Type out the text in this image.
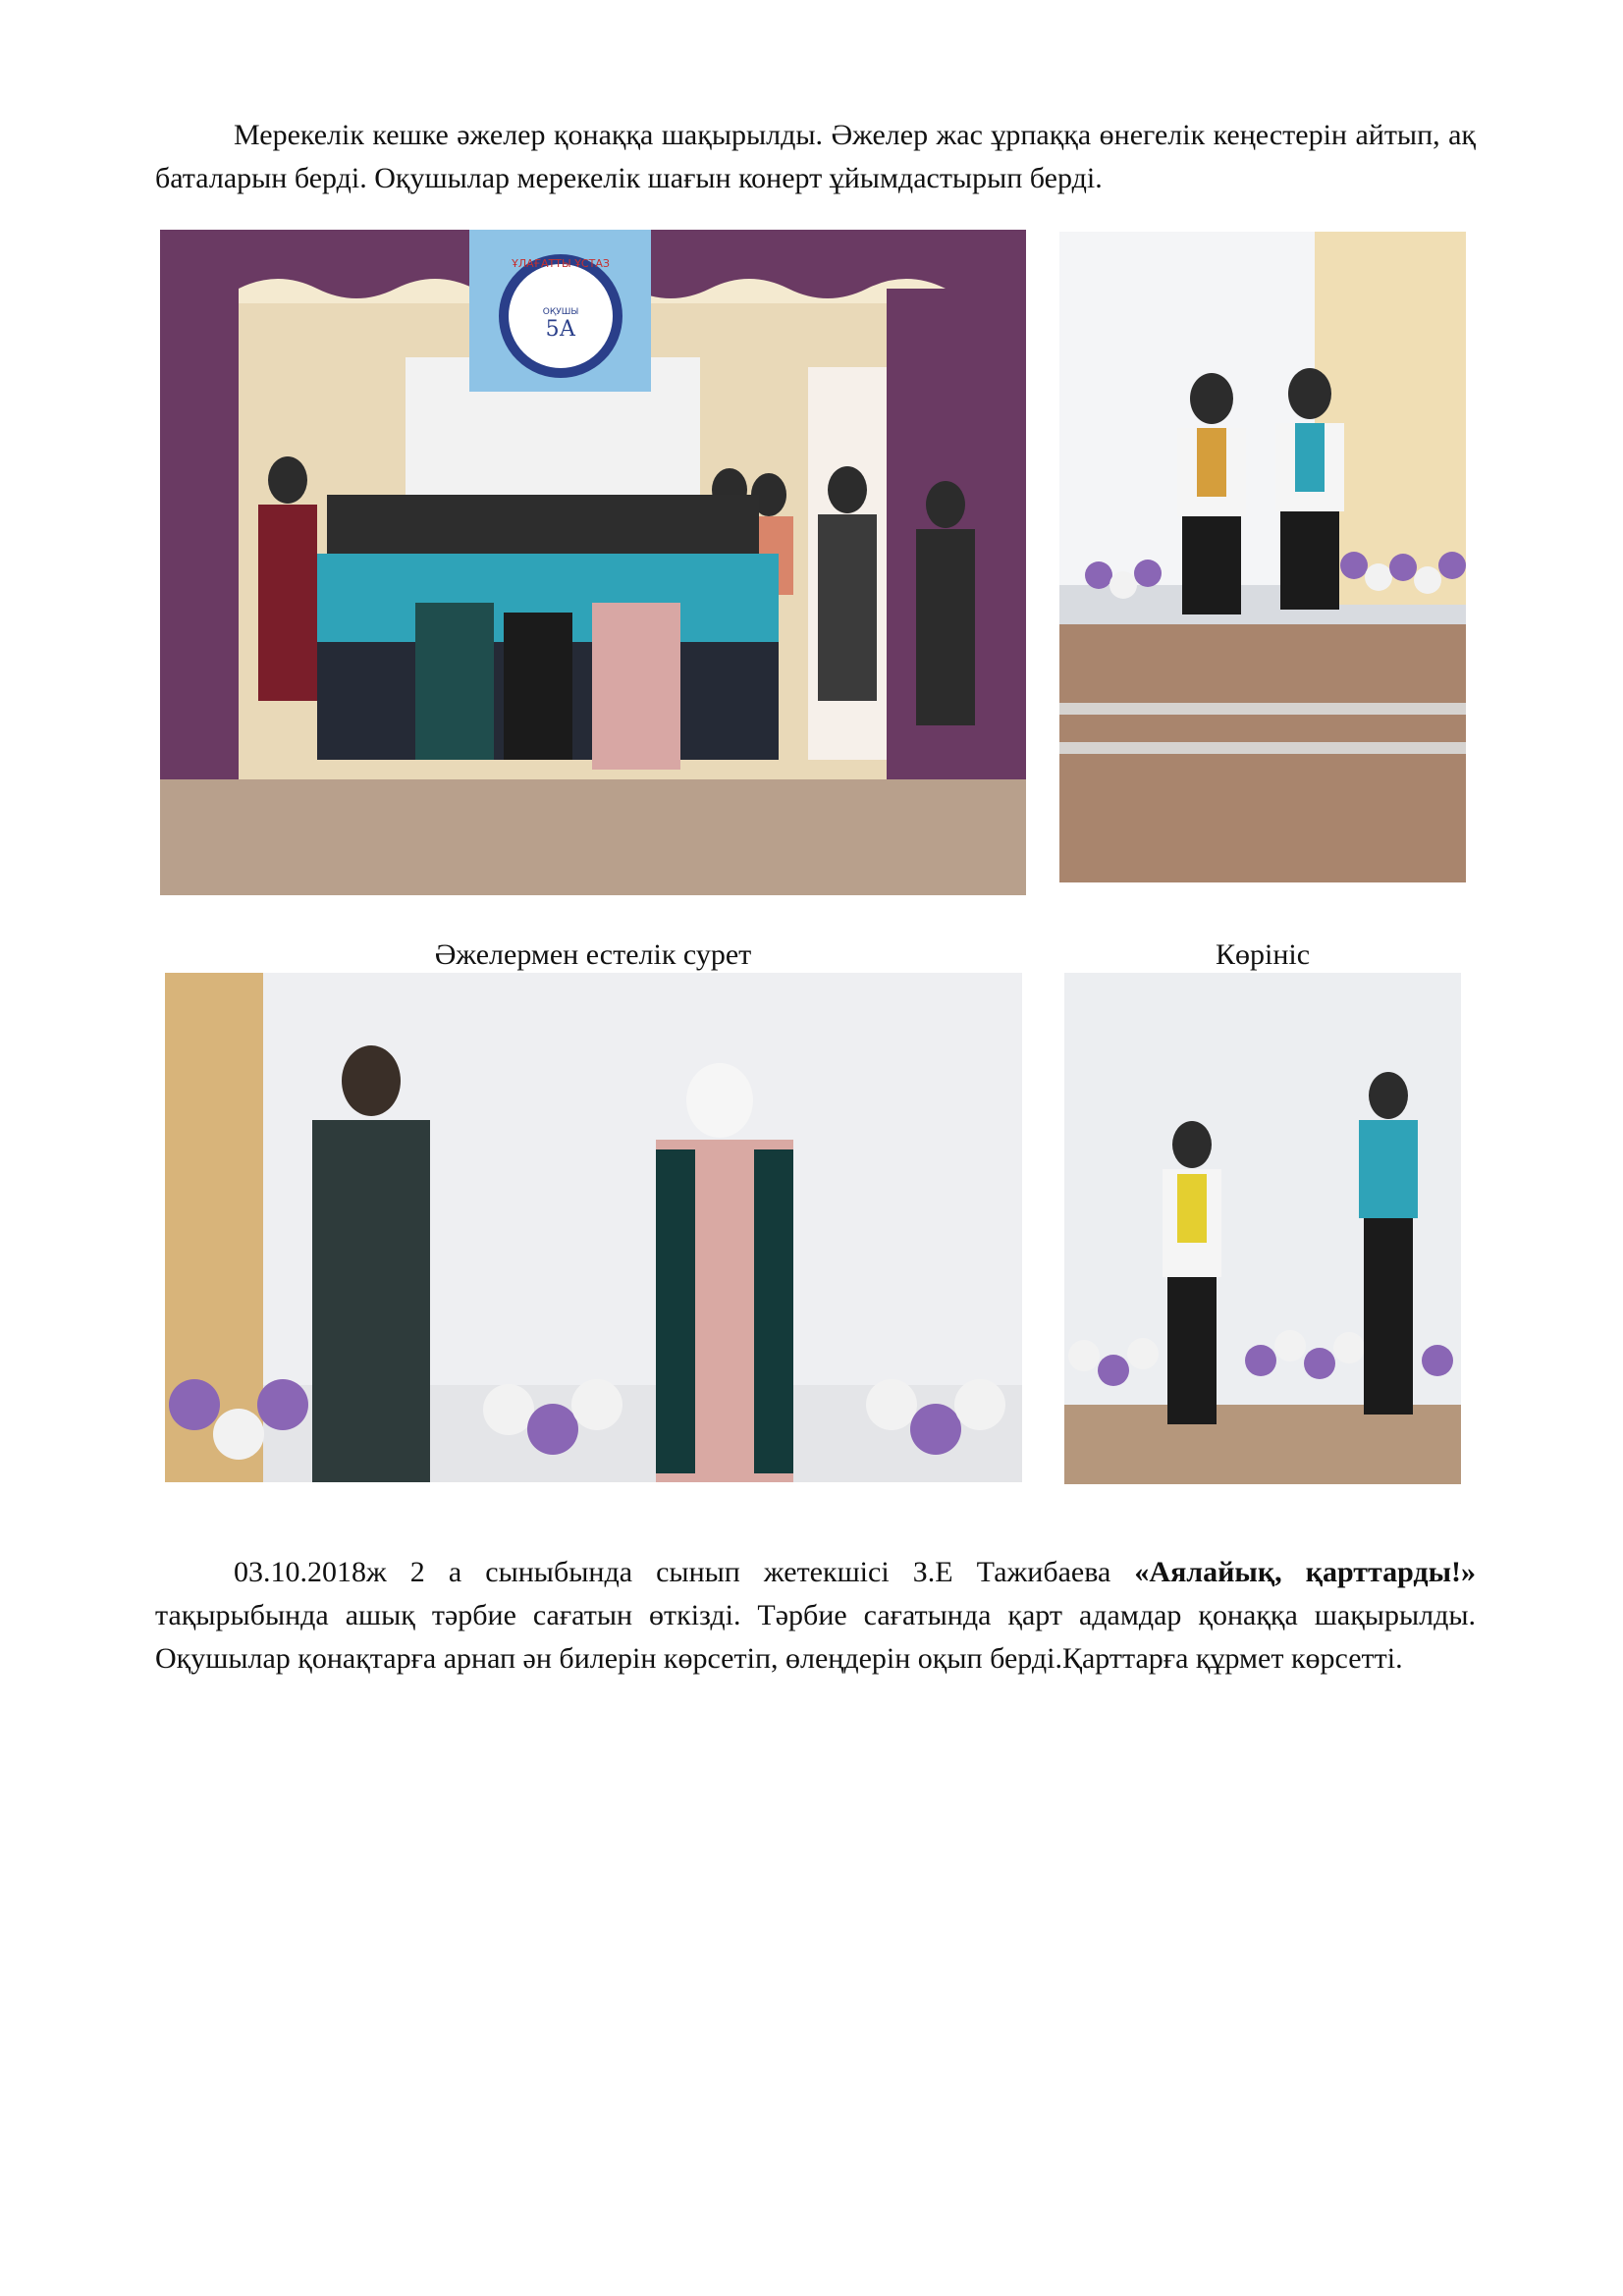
Мерекелік кешке әжелер қонаққа шақырылды. Әжелер жас ұрпаққа өнегелік кеңестерін айтып, ақ баталарын берді. Оқушылар мерекелік шағын конерт ұйымдастырып берді.

ҰЛАҒАТТЫ ҰСТАЗ
МҰҒАЛІМ
ОҚУШЫ
5А
АТА-АНА

Әжелермен естелік сурет	Көрініс

03.10.2018ж 2 а сыныбында сынып жетекшісі З.Е Тажибаева «Аялайық, қарттарды!» тақырыбында ашық тәрбие сағатын өткізді. Тәрбие сағатында қарт адамдар қонаққа шақырылды. Оқушылар қонақтарға арнап ән билерін көрсетіп, өлеңдерін оқып берді.Қарттарға құрмет көрсетті.
